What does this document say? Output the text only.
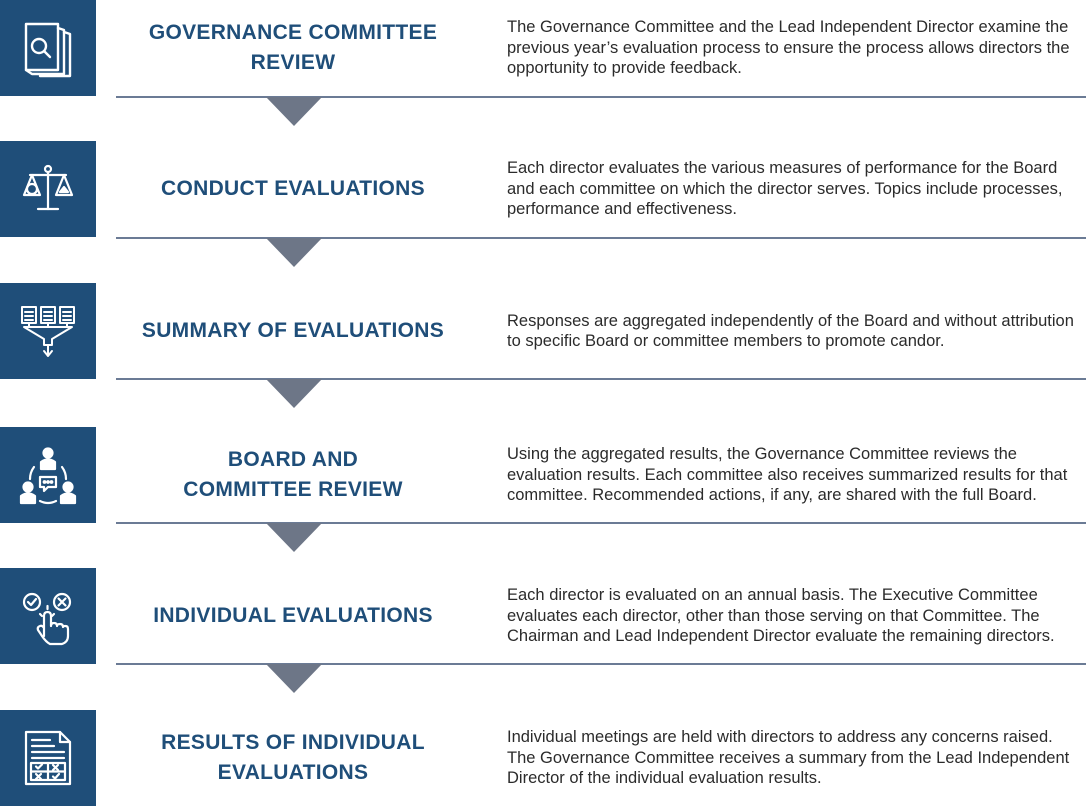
GOVERNANCE COMMITTEE
REVIEW
The Governance Committee and the Lead Independent Director examine the previous year’s evaluation process to ensure the process allows directors the opportunity to provide feedback.
CONDUCT EVALUATIONS
Each director evaluates the various measures of performance for the Board and each committee on which the director serves. Topics include processes, performance and effectiveness.
SUMMARY OF EVALUATIONS	Responses are aggregated independently of the Board and without attribution to specific Board or committee members to promote candor.
BOARD AND
COMMITTEE REVIEW
Using the aggregated results, the Governance Committee reviews the evaluation results. Each committee also receives summarized results for that committee. Recommended actions, if any, are shared with the full Board.
INDIVIDUAL EVALUATIONS
Each director is evaluated on an annual basis. The Executive Committee evaluates each director, other than those serving on that Committee. The Chairman and Lead Independent Director evaluate the remaining directors.
RESULTS OF INDIVIDUAL
EVALUATIONS
Individual meetings are held with directors to address any concerns raised. The Governance Committee receives a summary from the Lead Independent Director of the individual evaluation results.
